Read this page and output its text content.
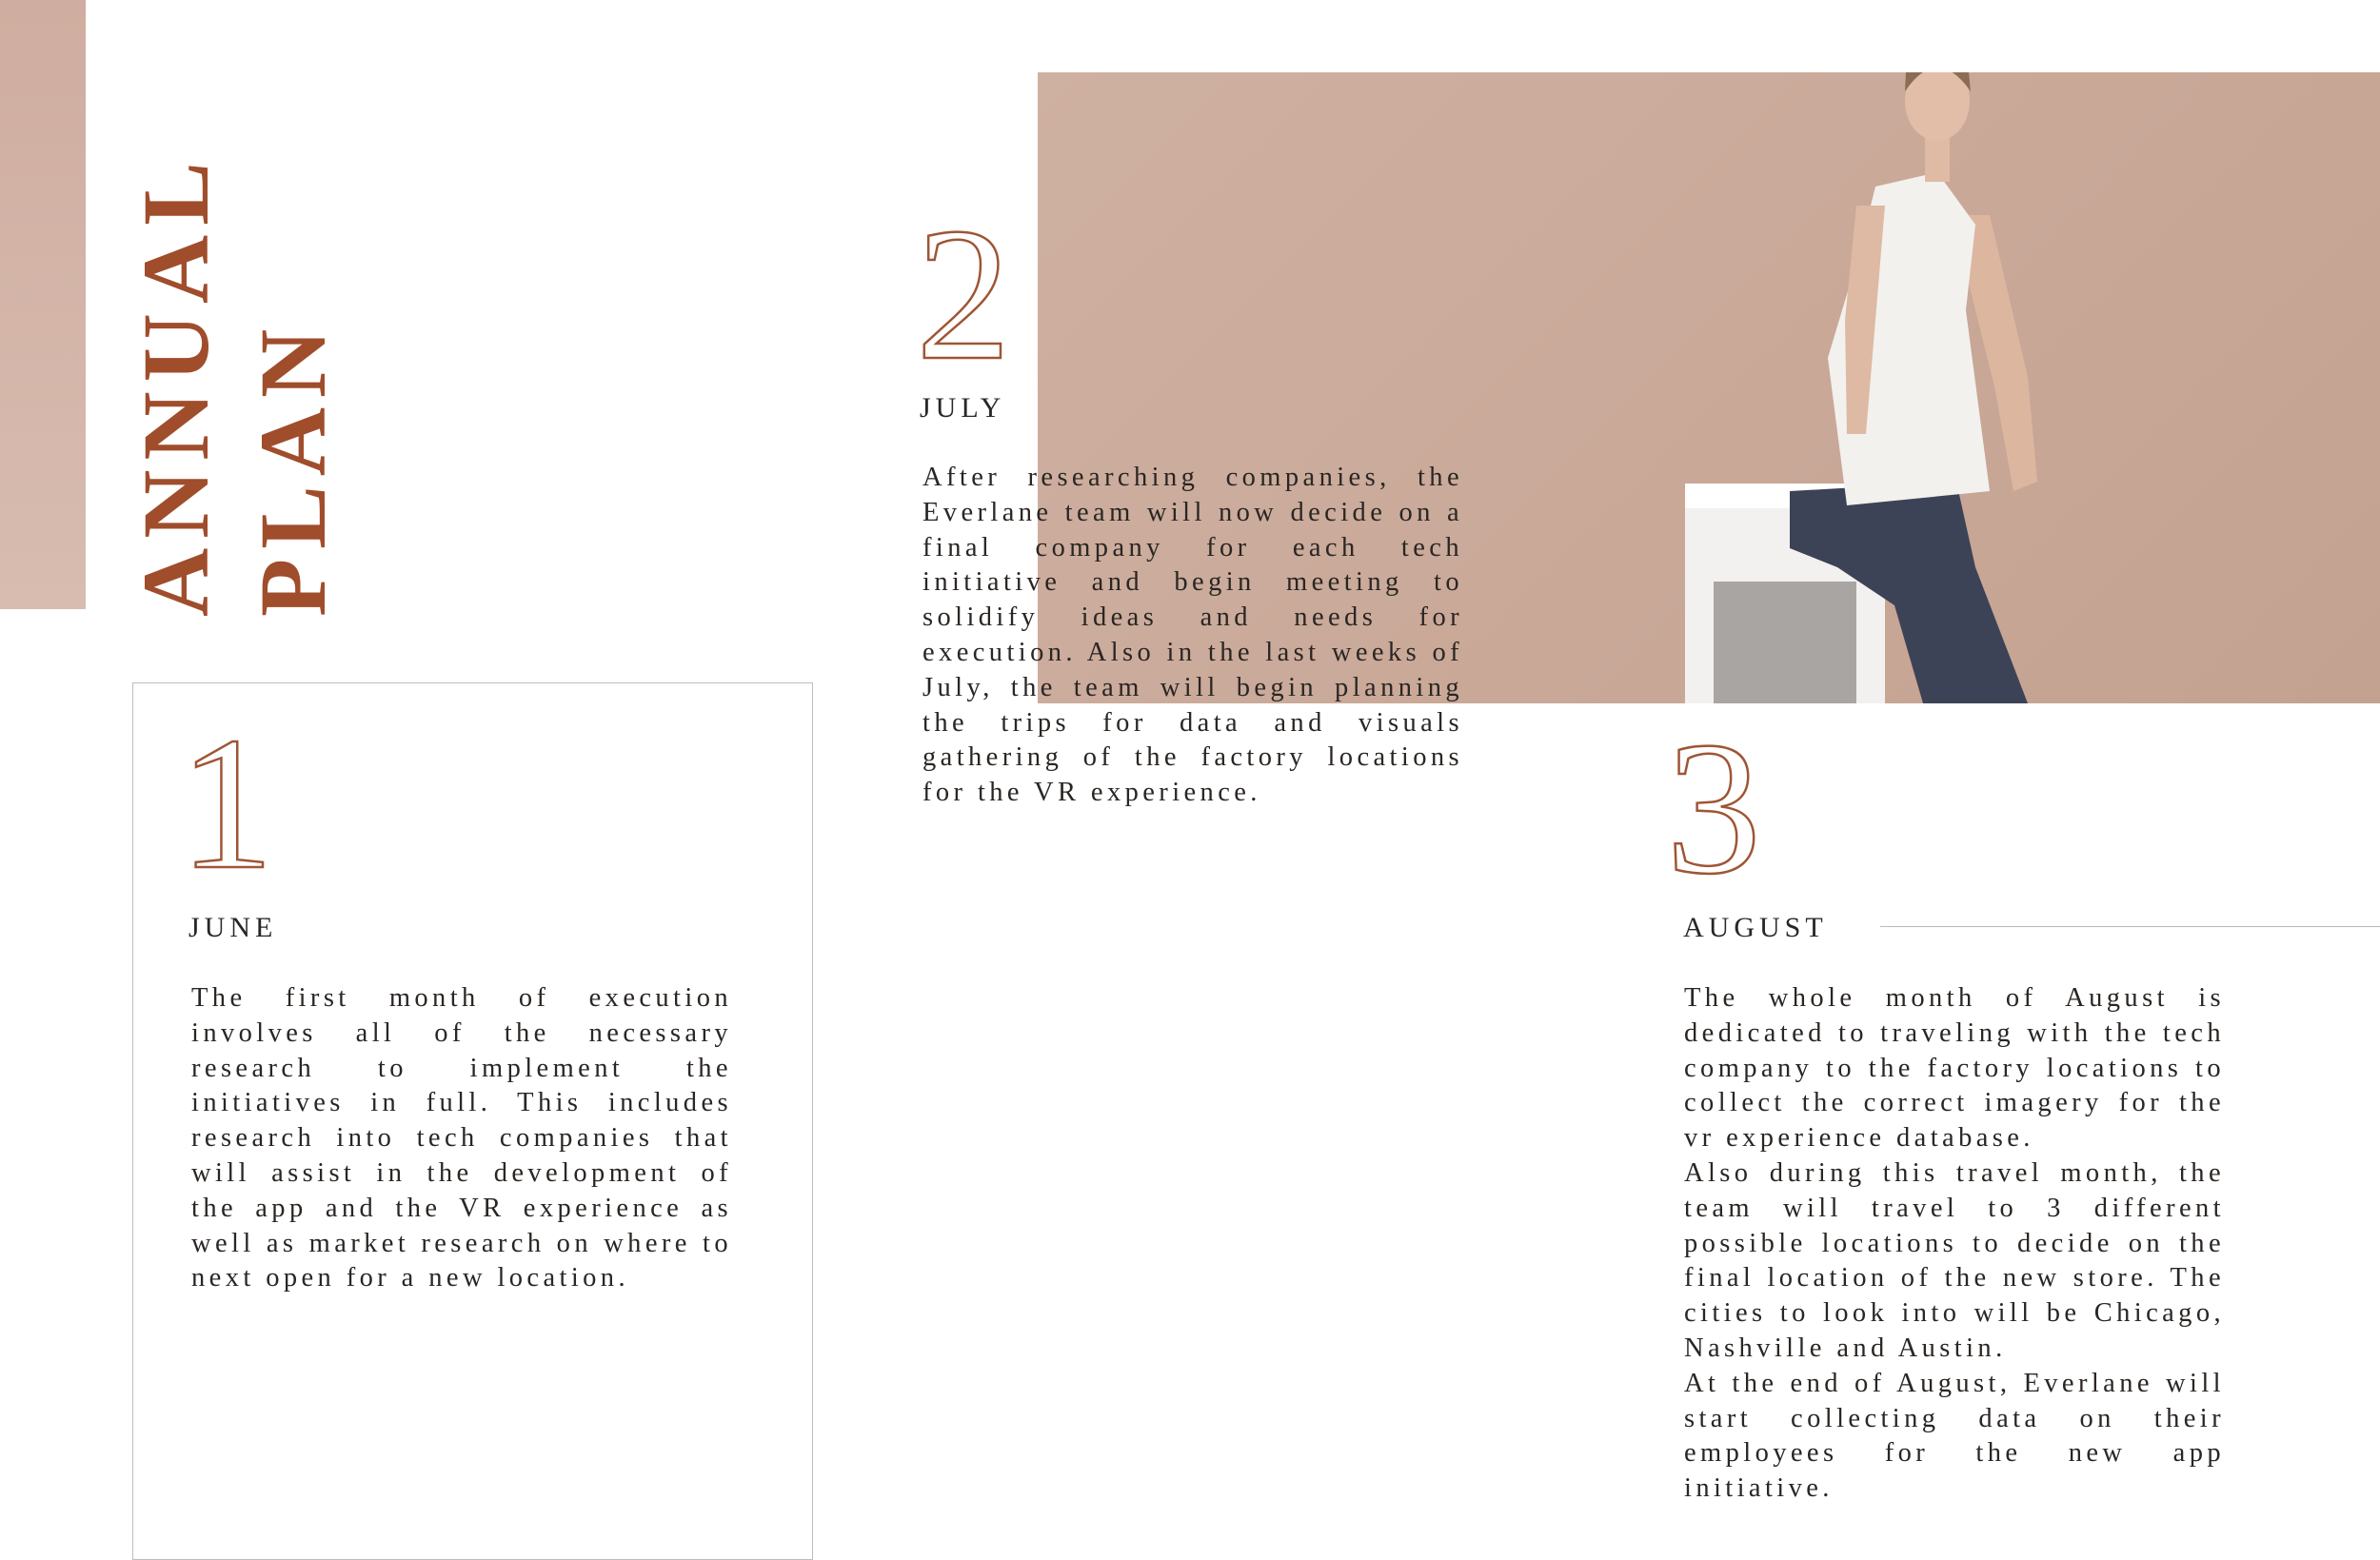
ANNUAL PLAN
1
JUNE

The first month of execution involves all of the necessary research to implement the initiatives in full. This includes research into tech companies that will assist in the development of the app and the VR experience as well as market research on where to next open for a new location.

2
JULY

After researching companies, the Everlane team will now decide on a final company for each tech initiative and begin meeting to solidify ideas and needs for execution. Also in the last weeks of July, the team will begin planning the trips for data and visuals gathering of the factory locations for the VR experience.	3
AUGUST

The whole month of August is dedicated to traveling with the tech company to the factory locations to collect the correct imagery for the vr experience database.

Also during this travel month, the team will travel to 3 different possible locations to decide on the final location of the new store. The cities to look into will be Chicago, Nashville and Austin.

At the end of August, Everlane will start collecting data on their employees for the new app initiative.
